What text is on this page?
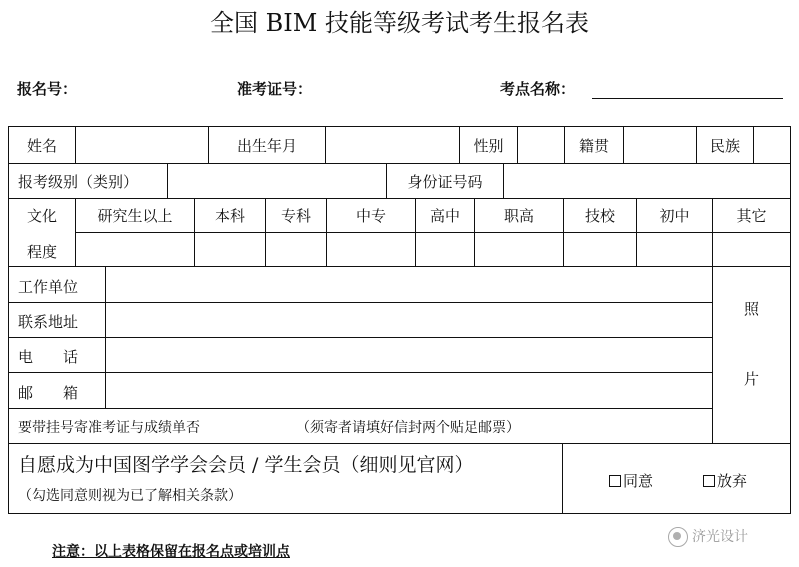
全国 BIM 技能等级考试考生报名表
报名号：	准考证号：	考点名称：
姓名	出生年月	性别	籍贯	民族
报考级别（类别）	身份证号码
文化
程度
研究生以上	本科	专科	中专	高中	职高	技校	初中	其它
工作单位
联系地址
电　　话
邮　　箱
照
片
要带挂号寄准考证与成绩单否	（须寄者请填好信封两个贴足邮票）
自愿成为中国图学学会会员 / 学生会员（细则见官网）
（勾选同意则视为已了解相关条款）
同意	放弃
注意：以上表格保留在报名点或培训点
济光设计
